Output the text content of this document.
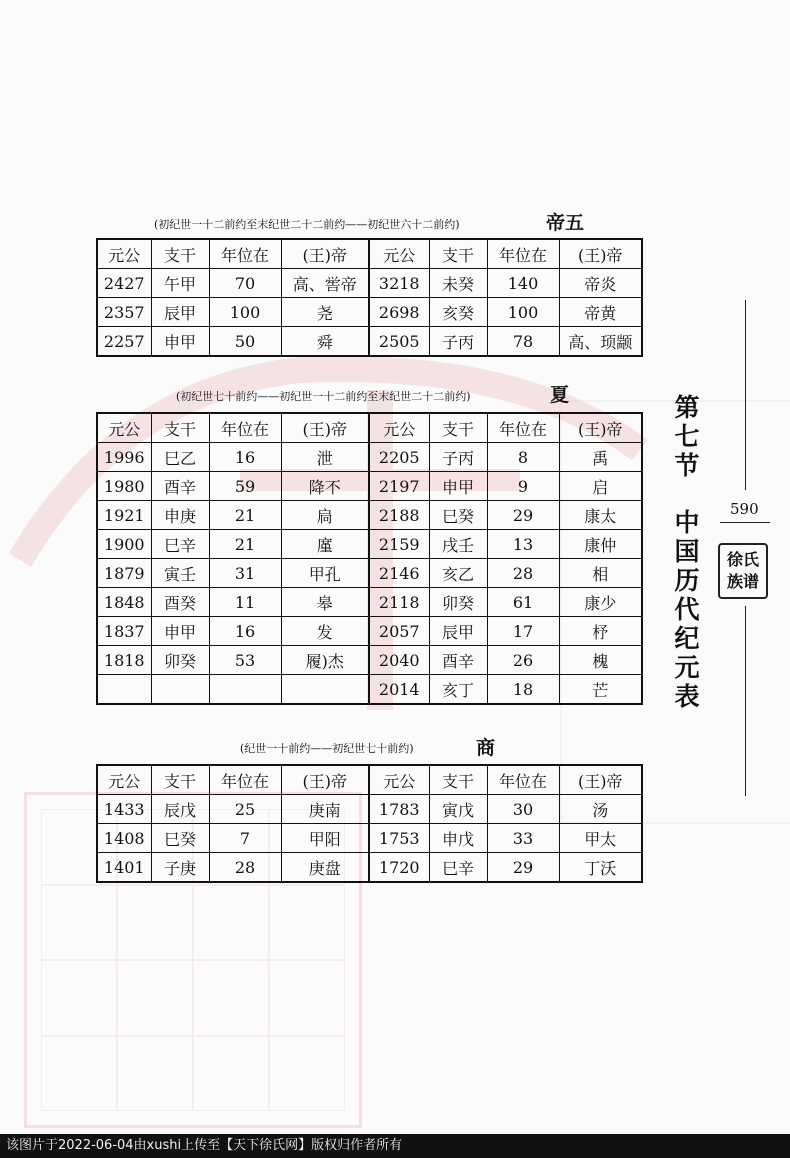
(初纪世一十二前约至末纪世二十二前约——初纪世六十二前约)	帝五
元公	支干	年位在	(王)帝	元公	支干	年位在	(王)帝
2427	午甲	70	高、喾帝	3218	未癸	140	帝炎
2357	辰甲	100	尧	2698	亥癸	100	帝黄
2257	申甲	50	舜	2505	子丙	78	高、顼颛
(初纪世七十前约——初纪世一十二前约至末纪世二十二前约)	夏
元公	支干	年位在	(王)帝	元公	支干	年位在	(王)帝
1996	巳乙	16	泄	2205	子丙	8	禹
1980	酉辛	59	降不	2197	申甲	9	启
1921	申庚	21	扃	2188	巳癸	29	康太
1900	巳辛	21	廑	2159	戌壬	13	康仲
1879	寅壬	31	甲孔	2146	亥乙	28	相
1848	酉癸	11	皋	2118	卯癸	61	康少
1837	申甲	16	发	2057	辰甲	17	杼
1818	卯癸	53	履)杰	2040	酉辛	26	槐
				2014	亥丁	18	芒
(纪世一十前约——初纪世七十前约)	商
元公	支干	年位在	(王)帝	元公	支干	年位在	(王)帝
1433	辰戊	25	庚南	1783	寅戊	30	汤
1408	巳癸	7	甲阳	1753	申戊	33	甲太
1401	子庚	28	庚盘	1720	巳辛	29	丁沃
第七节
中国历代纪元表
590
徐氏族谱
该图片于2022-06-04由xushi上传至【天下徐氏网】版权归作者所有
